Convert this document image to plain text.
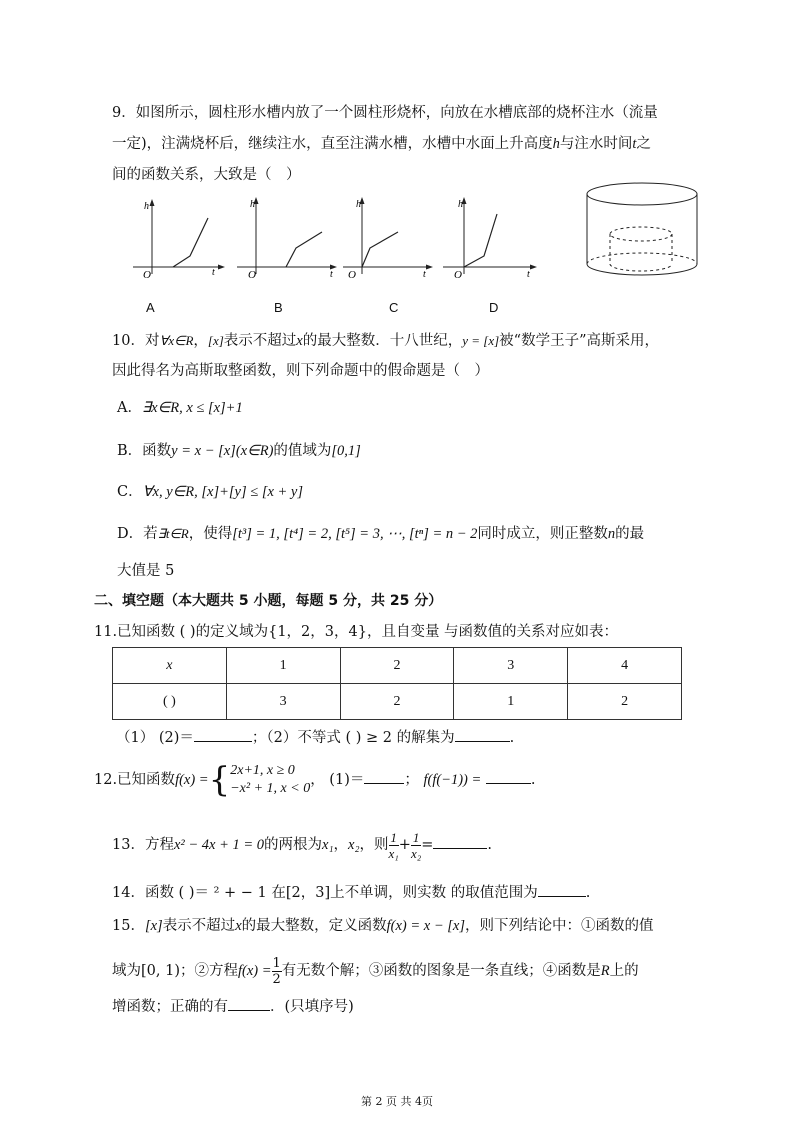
9．如图所示，圆柱形水槽内放了一个圆柱形烧杯，向放在水槽底部的烧杯注水（流量
一定)，注满烧杯后，继续注水，直至注满水槽，水槽中水面上升高度h与注水时间t之
间的函数关系，大致是（　）
h
t
O
A
h
t
O
B
h
t
O
C
h
t
O
D
10．对∀x∈R，[x]表示不超过x的最大整数．十八世纪，y = [x]被“数学王子”高斯采用，
因此得名为高斯取整函数，则下列命题中的假命题是（　）
A．∃x∈R, x ≤ [x]+1
B．函数y = x − [x](x∈R)的值域为[0,1]
C．∀x, y∈R, [x]+[y] ≤ [x + y]
D．若∃t∈R，使得[t³] = 1, [t⁴] = 2, [t⁵] = 3, ⋯, [tⁿ] = n − 2同时成立，则正整数n的最
大值是 5
二、填空题（本大题共 5 小题，每题 5 分，共 25 分）
11.已知函数 ( )的定义域为{1，2，3，4}，且自变量 与函数值的关系对应如表：
x	1	2	3	4
( )	3	2	1	2
（1） (2)＝	；（2）不等式 ( ) ≥ 2 的解集为	.
12.已知函数f(x) ={ 2x+1, x ≥ 0
−x² + 1, x < 0
， (1)＝	； f(f(−1)) =	.
13．方程x² − 4x + 1 = 0的两根为x₁，x₂，则 $\frac{1}{\text{x₁}} + \frac{1}{\text{x₂}}$ =	.
14．函数 ( )＝ ² + − 1 在[2，3]上不单调，则实数 的取值范围为	.
15．[x]表示不超过x的最大整数，定义函数f(x) = x − [x]，则下列结论中：①函数的值
域为[0, 1)；②方程$f(x) = \frac{1}{2}$ 有无数个解；③函数的图象是一条直线；④函数是R上的
增函数；正确的有	．(只填序号)
第 2 页 共 4页
